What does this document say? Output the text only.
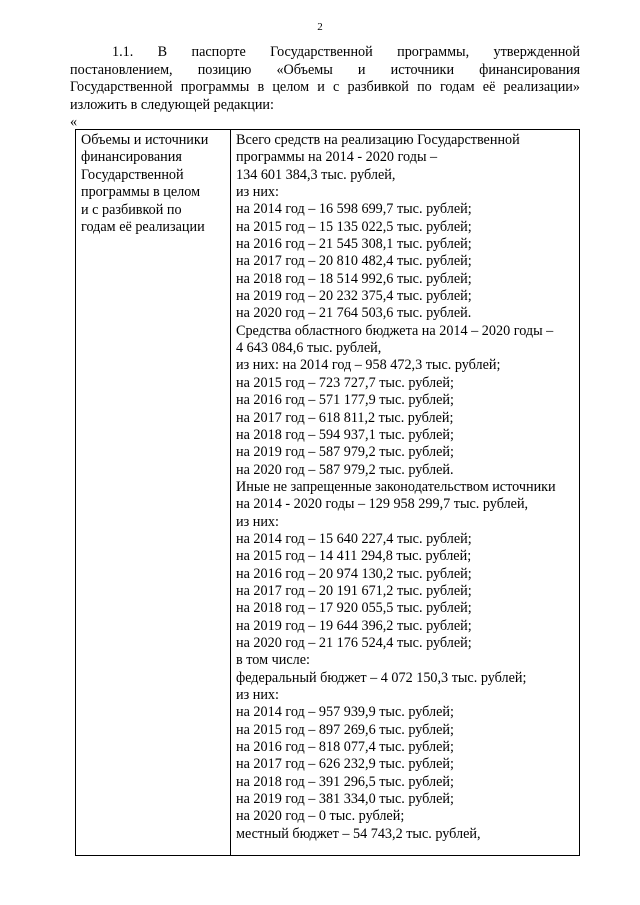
2
1.1. В паспорте Государственной программы, утвержденной
постановлением, позицию «Объемы и источники финансирования
Государственной программы в целом и с разбивкой по годам её реализации»
изложить в следующей редакции:
«
Объемы и источники
финансирования
Государственной
программы в целом
и с разбивкой по
годам её реализации
Всего средств на реализацию Государственной
программы на 2014 - 2020 годы –
134 601 384,3 тыс. рублей,
из них:
на 2014 год – 16 598 699,7 тыс. рублей;
на 2015 год – 15 135 022,5 тыс. рублей;
на 2016 год – 21 545 308,1 тыс. рублей;
на 2017 год – 20 810 482,4 тыс. рублей;
на 2018 год – 18 514 992,6 тыс. рублей;
на 2019 год – 20 232 375,4 тыс. рублей;
на 2020 год – 21 764 503,6 тыс. рублей.
Средства областного бюджета на 2014 – 2020 годы –
4 643 084,6 тыс. рублей,
из них: на 2014 год – 958 472,3 тыс. рублей;
на 2015 год – 723 727,7 тыс. рублей;
на 2016 год – 571 177,9 тыс. рублей;
на 2017 год – 618 811,2 тыс. рублей;
на 2018 год – 594 937,1 тыс. рублей;
на 2019 год – 587 979,2 тыс. рублей;
на 2020 год – 587 979,2 тыс. рублей.
Иные не запрещенные законодательством источники
на 2014 - 2020 годы – 129 958 299,7 тыс. рублей,
из них:
на 2014 год – 15 640 227,4 тыс. рублей;
на 2015 год – 14 411 294,8 тыс. рублей;
на 2016 год – 20 974 130,2 тыс. рублей;
на 2017 год – 20 191 671,2 тыс. рублей;
на 2018 год – 17 920 055,5 тыс. рублей;
на 2019 год – 19 644 396,2 тыс. рублей;
на 2020 год – 21 176 524,4 тыс. рублей;
в том числе:
федеральный бюджет – 4 072 150,3 тыс. рублей;
из них:
на 2014 год – 957 939,9 тыс. рублей;
на 2015 год – 897 269,6 тыс. рублей;
на 2016 год – 818 077,4 тыс. рублей;
на 2017 год – 626 232,9 тыс. рублей;
на 2018 год – 391 296,5 тыс. рублей;
на 2019 год – 381 334,0 тыс. рублей;
на 2020 год – 0 тыс. рублей;
местный бюджет – 54 743,2 тыс. рублей,
